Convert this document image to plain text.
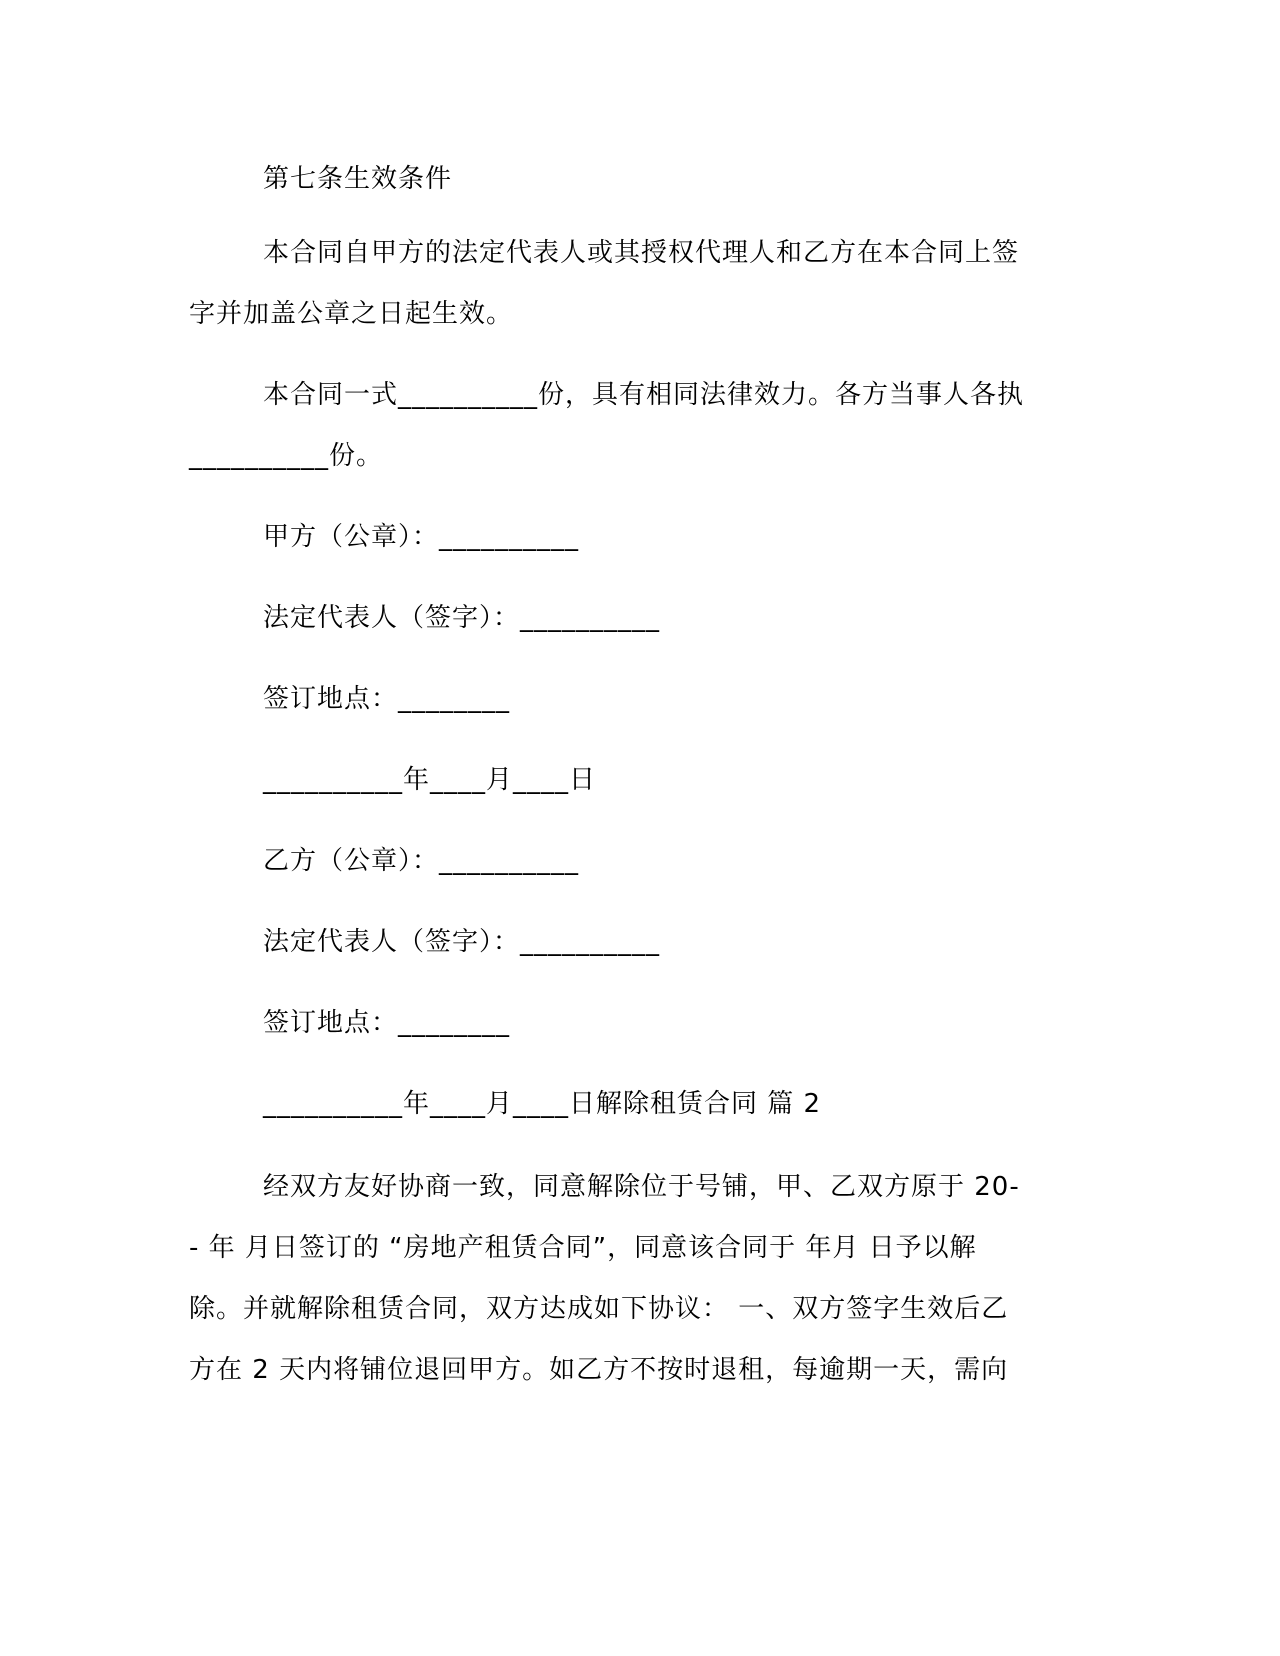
第七条生效条件
本合同自甲方的法定代表人或其授权代理人和乙方在本合同上签
字并加盖公章之日起生效。
本合同一式__________份，具有相同法律效力。各方当事人各执
__________份。
甲方（公章）：__________
法定代表人（签字）：__________
签订地点：________
__________年____月____日
乙方（公章）：__________
法定代表人（签字）：__________
签订地点：________
__________年____月____日解除租赁合同 篇 2
经双方友好协商一致，同意解除位于号铺，甲、乙双方原于 20-
- 年 月日签订的 “房地产租赁合同”，同意该合同于 年月 日予以解
除。并就解除租赁合同，双方达成如下协议： 一、双方签字生效后乙
方在 2 天内将铺位退回甲方。如乙方不按时退租，每逾期一天，需向
